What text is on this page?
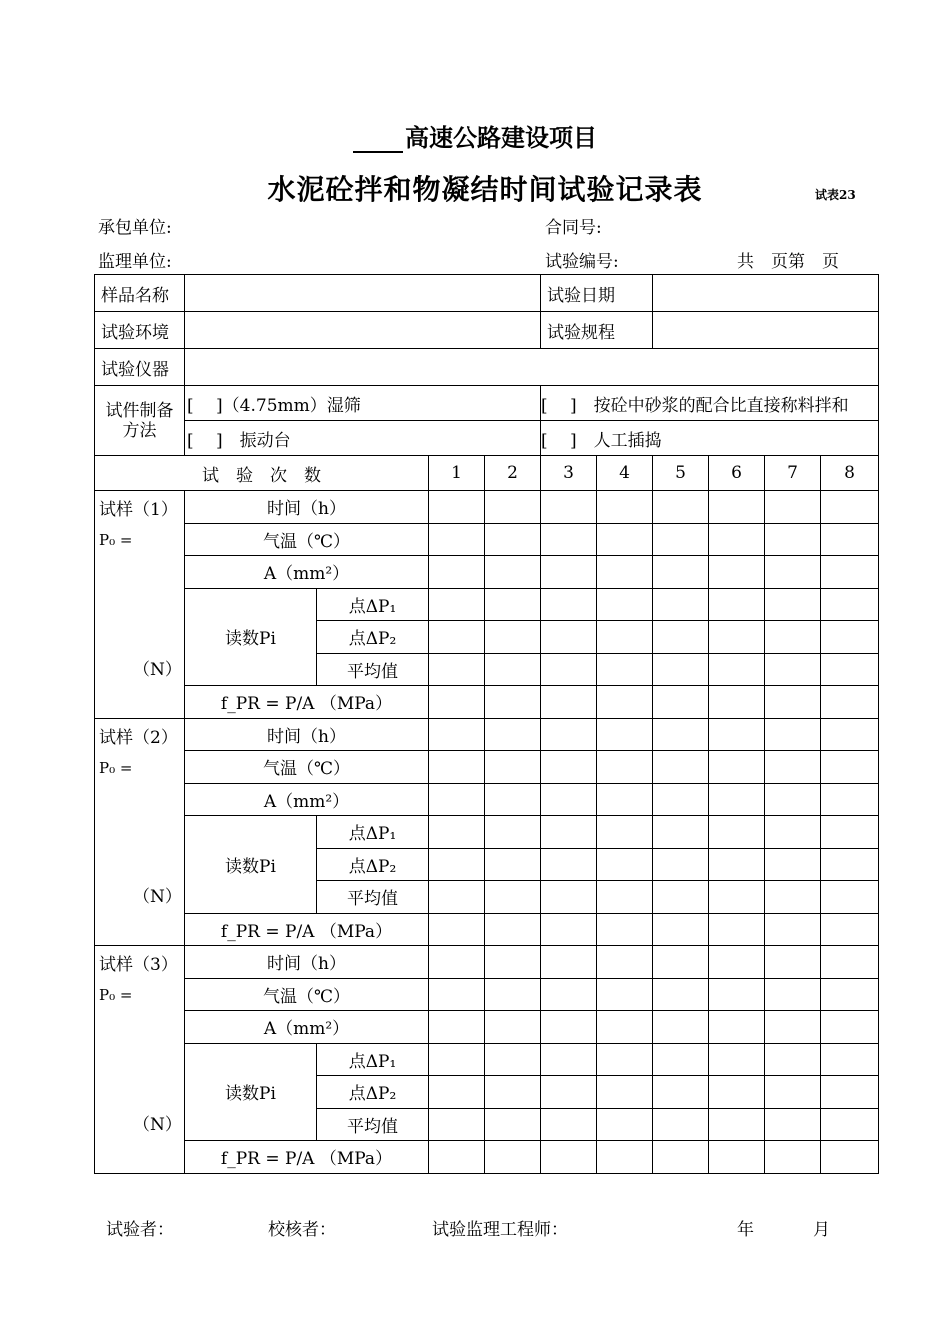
高速公路建设项目
水泥砼拌和物凝结时间试验记录表	试表23
承包单位:	合同号:
监理单位:	试验编号:	共　页第　页
样品名称					试验日期					
试验环境					试验规程					
试验仪器										
试件制备方法	[　 ]（4.75mm）湿筛				[　 ]　按砼中砂浆的配合比直接称料拌和					
	[　 ]　振动台				[　 ]　人工插捣					
试　验　次　数			1	2	3	4	5	6	7	8

试样（1）
P₀ =
（N）	时间（h）									
	气温（℃）									
	A（mm²）									
	读数Pi	点ΔP₁								
		点ΔP₂								
		平均值								
	f_PR = P/A （MPa）									

试样（2）
P₀ =
（N）	时间（h）									
	气温（℃）									
	A（mm²）									
	读数Pi	点ΔP₁								
		点ΔP₂								
		平均值								
	f_PR = P/A （MPa）									

试样（3）
P₀ =
（N）	时间（h）									
	气温（℃）									
	A（mm²）									
	读数Pi	点ΔP₁								
		点ΔP₂								
		平均值								
	f_PR = P/A （MPa）									
试验者：	校核者：	试验监理工程师：	年	月
